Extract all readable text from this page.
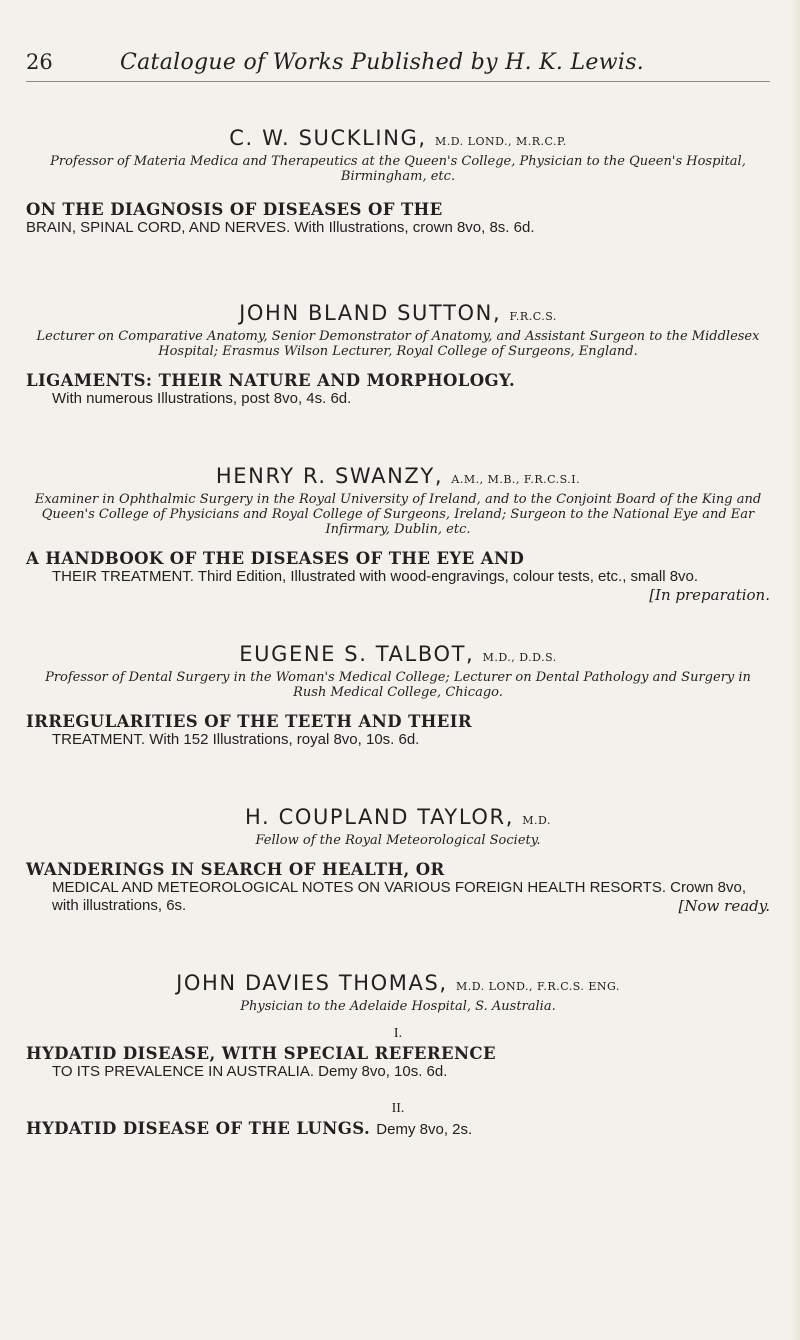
26	Catalogue of Works Published by H. K. Lewis.

C. W. SUCKLING, M.D. LOND., M.R.C.P.

Professor of Materia Medica and Therapeutics at the Queen's College, Physician to the Queen's Hospital, Birmingham, etc.

ON THE DIAGNOSIS OF DISEASES OF THE

BRAIN, SPINAL CORD, AND NERVES. With Illustrations, crown 8vo, 8s. 6d.

JOHN BLAND SUTTON, F.R.C.S.

Lecturer on Comparative Anatomy, Senior Demonstrator of Anatomy, and Assistant Surgeon to the Middlesex Hospital; Erasmus Wilson Lecturer, Royal College of Surgeons, England.

LIGAMENTS: THEIR NATURE AND MORPHOLOGY.

With numerous Illustrations, post 8vo, 4s. 6d.

HENRY R. SWANZY, A.M., M.B., F.R.C.S.I.

Examiner in Ophthalmic Surgery in the Royal University of Ireland, and to the Conjoint Board of the King and Queen's College of Physicians and Royal College of Surgeons, Ireland; Surgeon to the National Eye and Ear Infirmary, Dublin, etc.

A HANDBOOK OF THE DISEASES OF THE EYE AND

THEIR TREATMENT. Third Edition, Illustrated with wood-engravings, colour tests, etc., small 8vo.
[In preparation.

EUGENE S. TALBOT, M.D., D.D.S.

Professor of Dental Surgery in the Woman's Medical College; Lecturer on Dental Pathology and Surgery in Rush Medical College, Chicago.

IRREGULARITIES OF THE TEETH AND THEIR

TREATMENT. With 152 Illustrations, royal 8vo, 10s. 6d.

H. COUPLAND TAYLOR, M.D.

Fellow of the Royal Meteorological Society.

WANDERINGS IN SEARCH OF HEALTH, OR

MEDICAL AND METEOROLOGICAL NOTES ON VARIOUS FOREIGN HEALTH RESORTS. Crown 8vo, with illustrations, 6s.	[Now ready.

JOHN DAVIES THOMAS, M.D. LOND., F.R.C.S. ENG.

Physician to the Adelaide Hospital, S. Australia.

I.

HYDATID DISEASE, WITH SPECIAL REFERENCE

TO ITS PREVALENCE IN AUSTRALIA. Demy 8vo, 10s. 6d.

II.

HYDATID DISEASE OF THE LUNGS. Demy 8vo, 2s.
